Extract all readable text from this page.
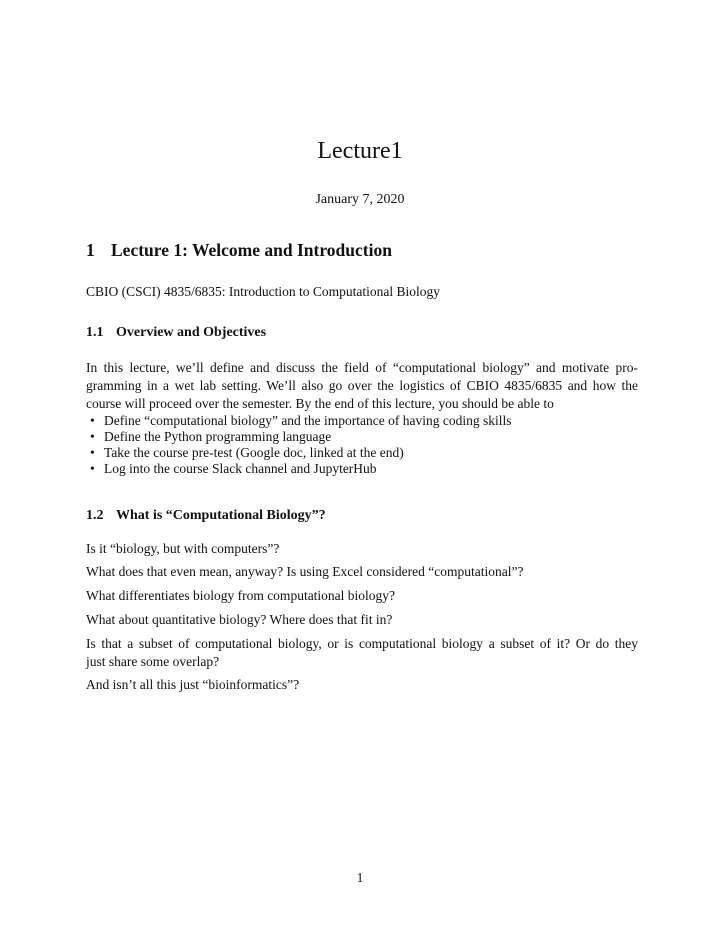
Lecture1
January 7, 2020
1 Lecture 1: Welcome and Introduction

CBIO (CSCI) 4835/6835: Introduction to Computational Biology

1.1 Overview and Objectives
In this lecture, we’ll define and discuss the field of “computational biology” and motivate pro-
gramming in a wet lab setting. We’ll also go over the logistics of CBIO 4835/6835 and how the
course will proceed over the semester. By the end of this lecture, you should be able to
• Define “computational biology” and the importance of having coding skills
• Define the Python programming language
• Take the course pre-test (Google doc, linked at the end)
• Log into the course Slack channel and JupyterHub
1.2 What is “Computational Biology”?

Is it “biology, but with computers”?

What does that even mean, anyway? Is using Excel considered “computational”?

What differentiates biology from computational biology?

What about quantitative biology? Where does that fit in?

Is that a subset of computational biology, or is computational biology a subset of it? Or do they
just share some overlap?

And isn’t all this just “bioinformatics”?

1
